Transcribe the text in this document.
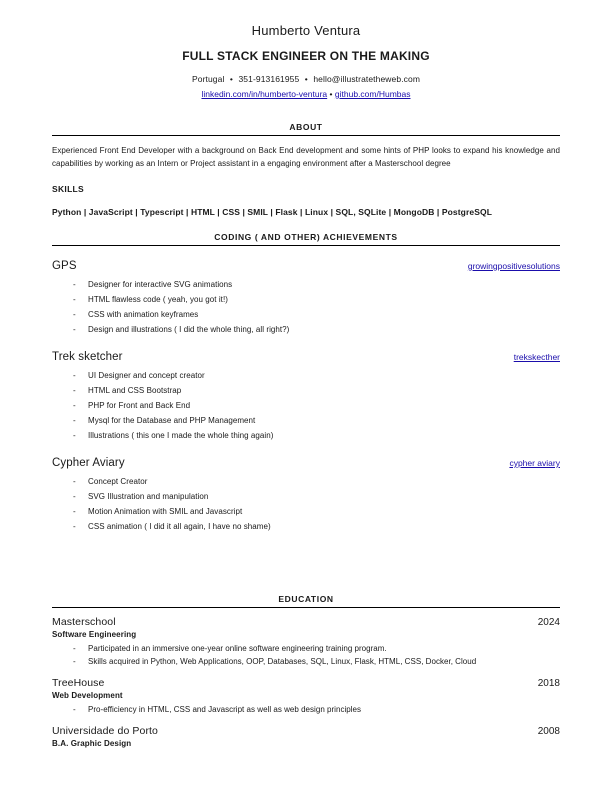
Humberto Ventura
FULL STACK ENGINEER ON THE MAKING
Portugal • 351-913161955 • hello@illustratetheweb.com
linkedin.com/in/humberto-ventura • github.com/Humbas
ABOUT
Experienced Front End Developer with a background on Back End development and some hints of PHP looks to expand his knowledge and capabilities by working as an Intern or Project assistant in a engaging environment after a Masterschool degree
SKILLS
Python | JavaScript | Typescript | HTML | CSS | SMIL | Flask | Linux | SQL, SQLite | MongoDB | PostgreSQL
CODING ( AND OTHER) ACHIEVEMENTS
GPS	growingpositivesolutions
- Designer for interactive SVG animations
- HTML flawless code ( yeah, you got it!)
- CSS with animation keyframes
- Design and illustrations ( I did the whole thing, all right?)
Trek sketcher	trekskecther
- UI Designer and concept creator
- HTML and CSS Bootstrap
- PHP for Front and Back End
- Mysql for the Database and PHP Management
- Illustrations ( this one I made the whole thing again)
Cypher Aviary	cypher aviary
- Concept Creator
- SVG Illustration and manipulation
- Motion Animation with SMIL and Javascript
- CSS animation ( I did it all again, I have no shame)
EDUCATION
Masterschool	2024
Software Engineering
- Participated in an immersive one-year online software engineering training program.
- Skills acquired in Python, Web Applications, OOP, Databases, SQL, Linux, Flask, HTML, CSS, Docker, Cloud
TreeHouse	2018
Web Development
- Pro-efficiency in HTML, CSS and Javascript as well as web design principles
Universidade do Porto	2008
B.A. Graphic Design
